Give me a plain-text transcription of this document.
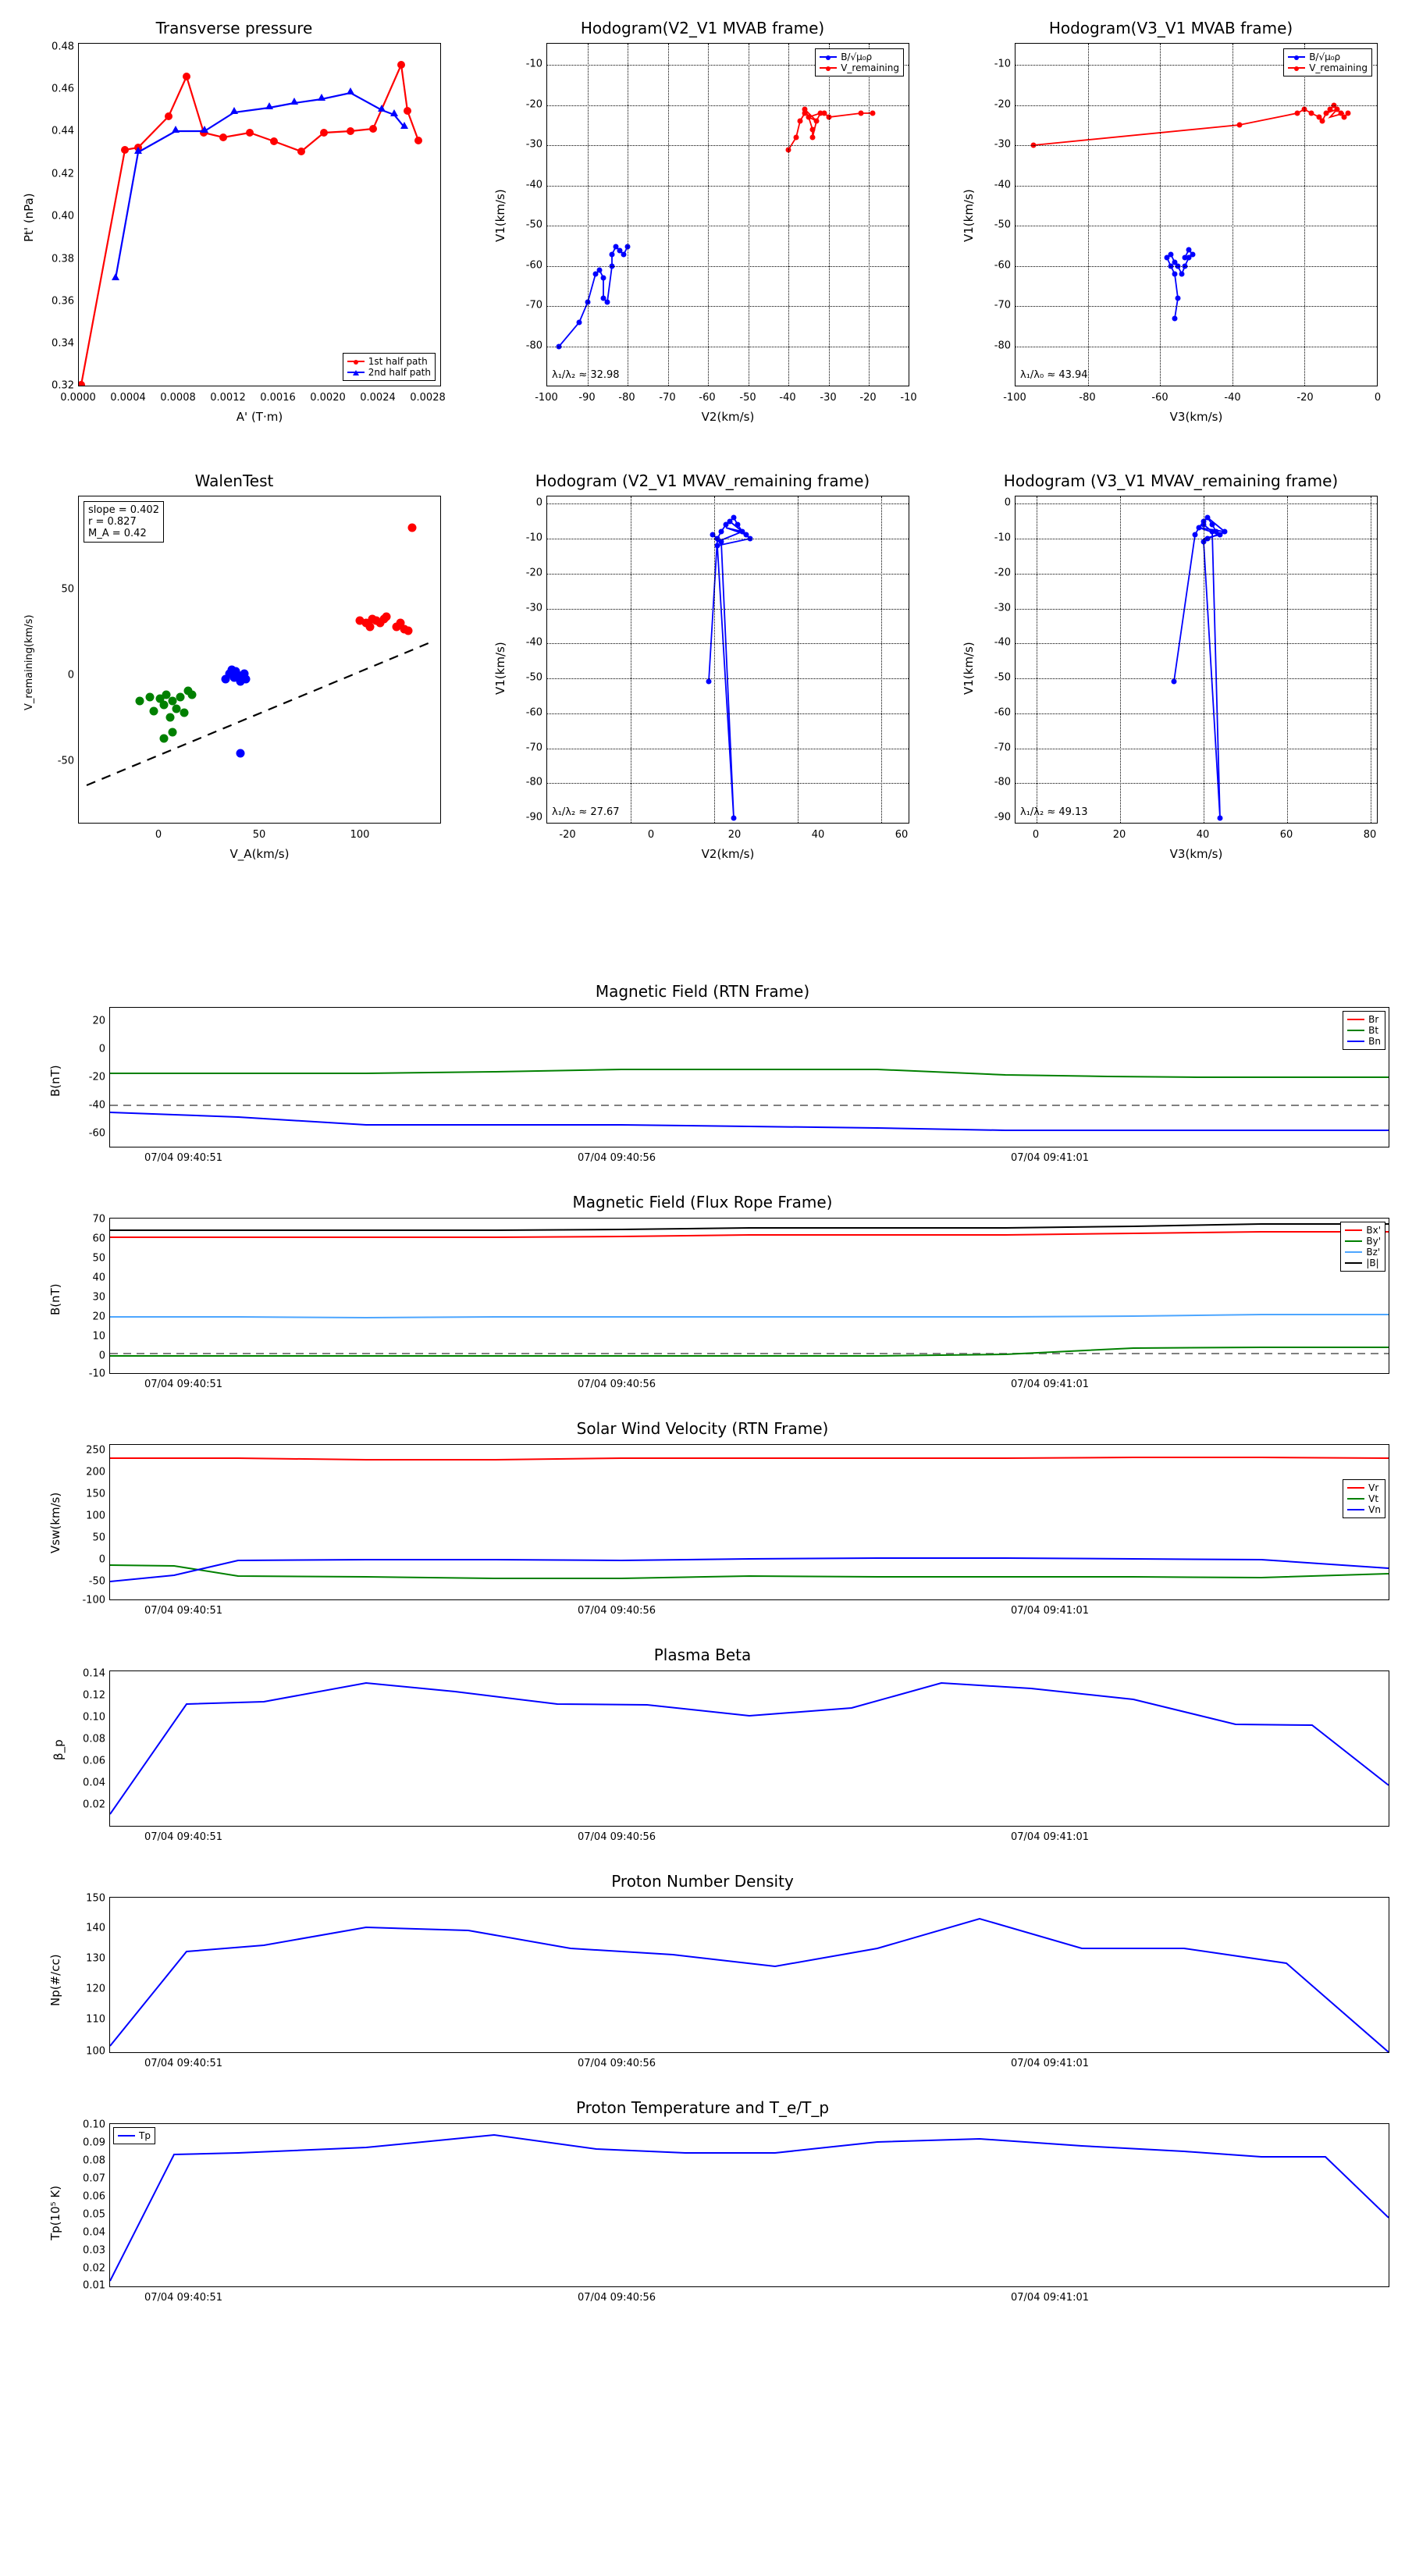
Transverse pressure
1st half path
2nd half path
0.48
0.46
0.44
0.42
0.40
0.38
0.36
0.34
0.32
0.0000 0.0004 0.0008 0.0012 0.0016 0.0020 0.0024 0.0028
A' (T·m)
Pt' (nPa)
Hodogram(V2_V1 MVAB frame)
B/√μ₀ρ
V_remaining
λ₁/λ₂ ≈ 32.98
-10
-20
-30
-40
-50
-60
-70
-80
-100 -90 -80 -70 -60 -50 -40 -30 -20 -10
V2(km/s)
V1(km/s)
Hodogram(V3_V1 MVAB frame)
B/√μ₀ρ
V_remaining
λ₁/λ₀ ≈ 43.94
-10
-20
-30
-40
-50
-60
-70
-80
-100	-80	-60	-40	-20	0
V3(km/s)
V1(km/s)
WalenTest
slope = 0.402
r = 0.827
M_A = 0.42
50
0
-50
0	50	100
V_A(km/s)
V_remaining(km/s)
Hodogram (V2_V1 MVAV_remaining frame)
λ₁/λ₂ ≈ 27.67
0
-10
-20
-30
-40
-50
-60
-70
-80
-90
-20	0	20	40	60
V2(km/s)
V1(km/s)
Hodogram (V3_V1 MVAV_remaining frame)
λ₁/λ₂ ≈ 49.13
0
-10
-20
-30
-40
-50
-60
-70
-80
-90
0	20	40	60	80
V3(km/s)
V1(km/s)
Magnetic Field (RTN Frame)
Br
Bt
Bn
20
0
-20
-40
-60
07/04 09:40:51	07/04 09:40:56	07/04 09:41:01
B(nT)
Magnetic Field (Flux Rope Frame)
Bx'
By'
Bz'
|B|
70
60
50
40
30
20
10
0
-10
07/04 09:40:51	07/04 09:40:56	07/04 09:41:01
B(nT)
Solar Wind Velocity (RTN Frame)
Vr
Vt
Vn
250
200
150
100
50
0
-50
-100
07/04 09:40:51	07/04 09:40:56	07/04 09:41:01
Vsw(km/s)
Plasma Beta
0.14
0.12
0.10
0.08
0.06
0.04
0.02
07/04 09:40:51	07/04 09:40:56	07/04 09:41:01
β_p
Proton Number Density
150
140
130
120
110
100
07/04 09:40:51	07/04 09:40:56	07/04 09:41:01
Np(#/cc)
Proton Temperature and T_e/T_p
Tp
0.10
0.09
0.08
0.07
0.06
0.05
0.04
0.03
0.02
0.01
07/04 09:40:51	07/04 09:40:56	07/04 09:41:01
Tp(10⁵ K)
